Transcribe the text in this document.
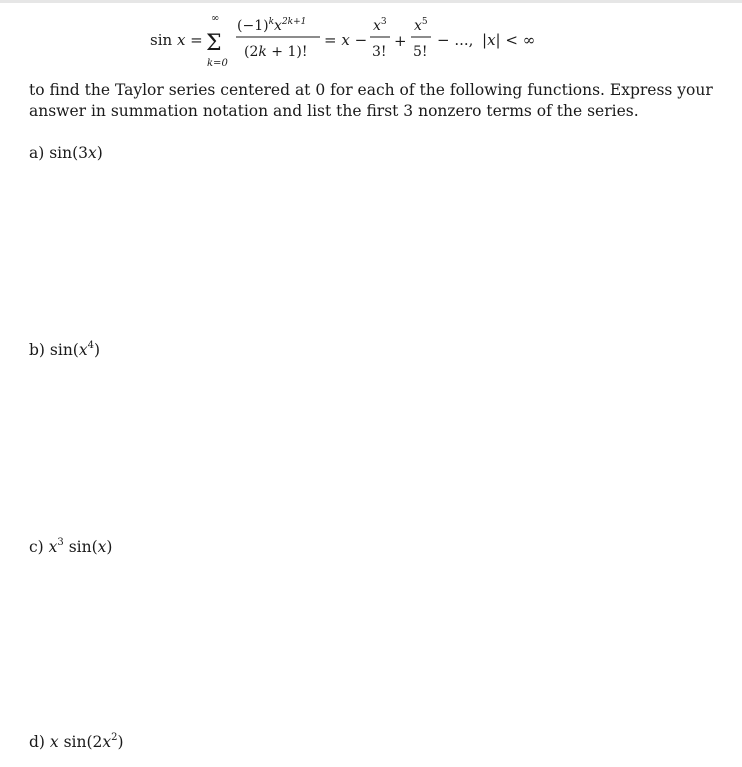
sin x = Σ
∞
k=0
$(-1)^kx^{2k+1}$
(2k + 1)!
= x −
$x^3$
3!
+
$x^5$
5!
− ..., |x| < ∞

to find the Taylor series centered at 0 for each of the following functions. Express your answer in summation notation and list the first 3 nonzero terms of the series.

a) sin(3x)

b) $\sin(x^4)$

c) $x^3$ sin(x)

d) x $\sin(2x^2)$
